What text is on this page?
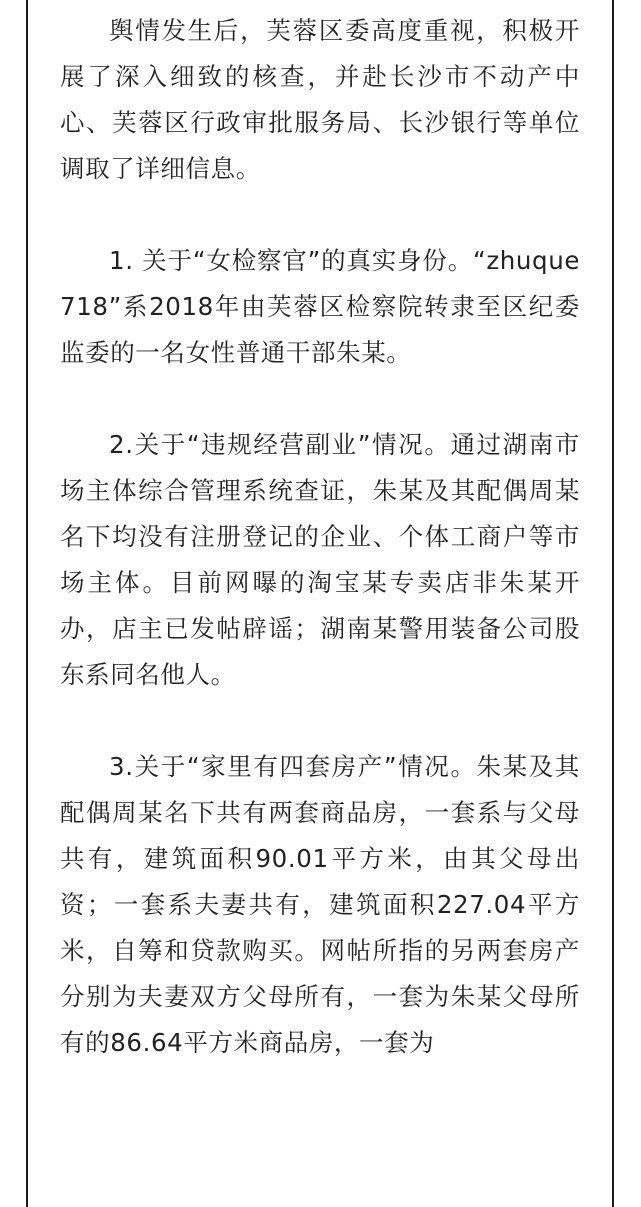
舆情发生后，芙蓉区委高度重视，积极开展了深入细致的核查，并赴长沙市不动产中心、芙蓉区行政审批服务局、长沙银行等单位调取了详细信息。

1. 关于“女检察官”的真实身份。“zhuque718”系2018年由芙蓉区检察院转隶至区纪委监委的一名女性普通干部朱某。

2.关于“违规经营副业”情况。通过湖南市场主体综合管理系统查证，朱某及其配偶周某名下均没有注册登记的企业、个体工商户等市场主体。目前网曝的淘宝某专卖店非朱某开办，店主已发帖辟谣；湖南某警用装备公司股东系同名他人。

3.关于“家里有四套房产”情况。朱某及其配偶周某名下共有两套商品房，一套系与父母共有，建筑面积90.01平方米，由其父母出资；一套系夫妻共有，建筑面积227.04平方米，自筹和贷款购买。网帖所指的另两套房产分别为夫妻双方父母所有，一套为朱某父母所有的86.64平方米商品房，一套为
